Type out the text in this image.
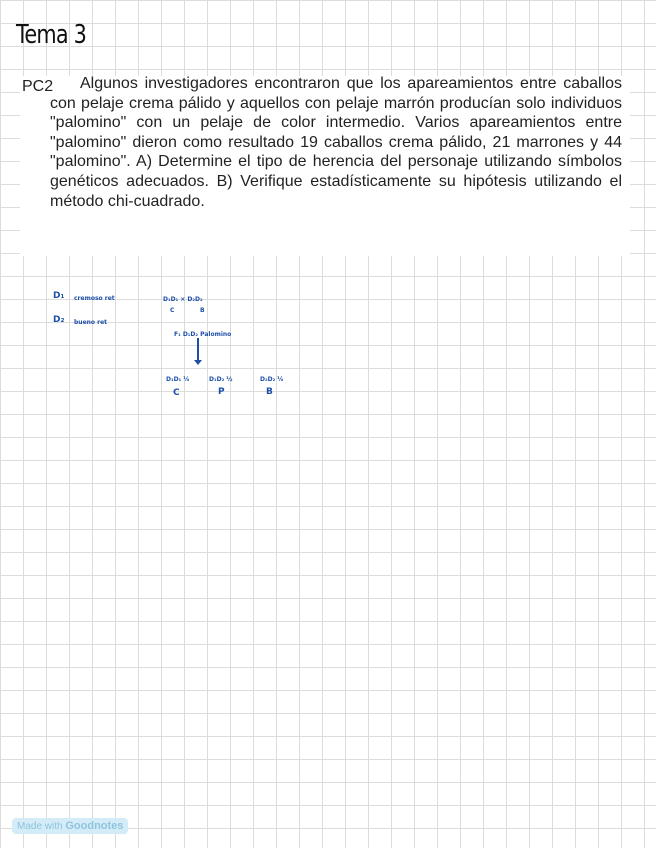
Tema 3
PC2	Algunos investigadores encontraron que los apareamientos entre caballos con pelaje crema pálido y aquellos con pelaje marrón producían solo individuos "palomino" con un pelaje de color intermedio. Varios apareamientos entre "palomino" dieron como resultado 19 caballos crema pálido, 21 marrones y 44 "palomino". A) Determine el tipo de herencia del personaje utilizando símbolos genéticos adecuados. B) Verifique estadísticamente su hipótesis utilizando el método chi-cuadrado.
D₁ cremoso ret
D₂ bueno ret
D₁D₁ × D₂D₂
C	B
F₁ D₁D₂ Palomino
D₁D₁ ¼	D₁D₂ ½	D₂D₂ ¼
C	P	B
Made with Goodnotes
